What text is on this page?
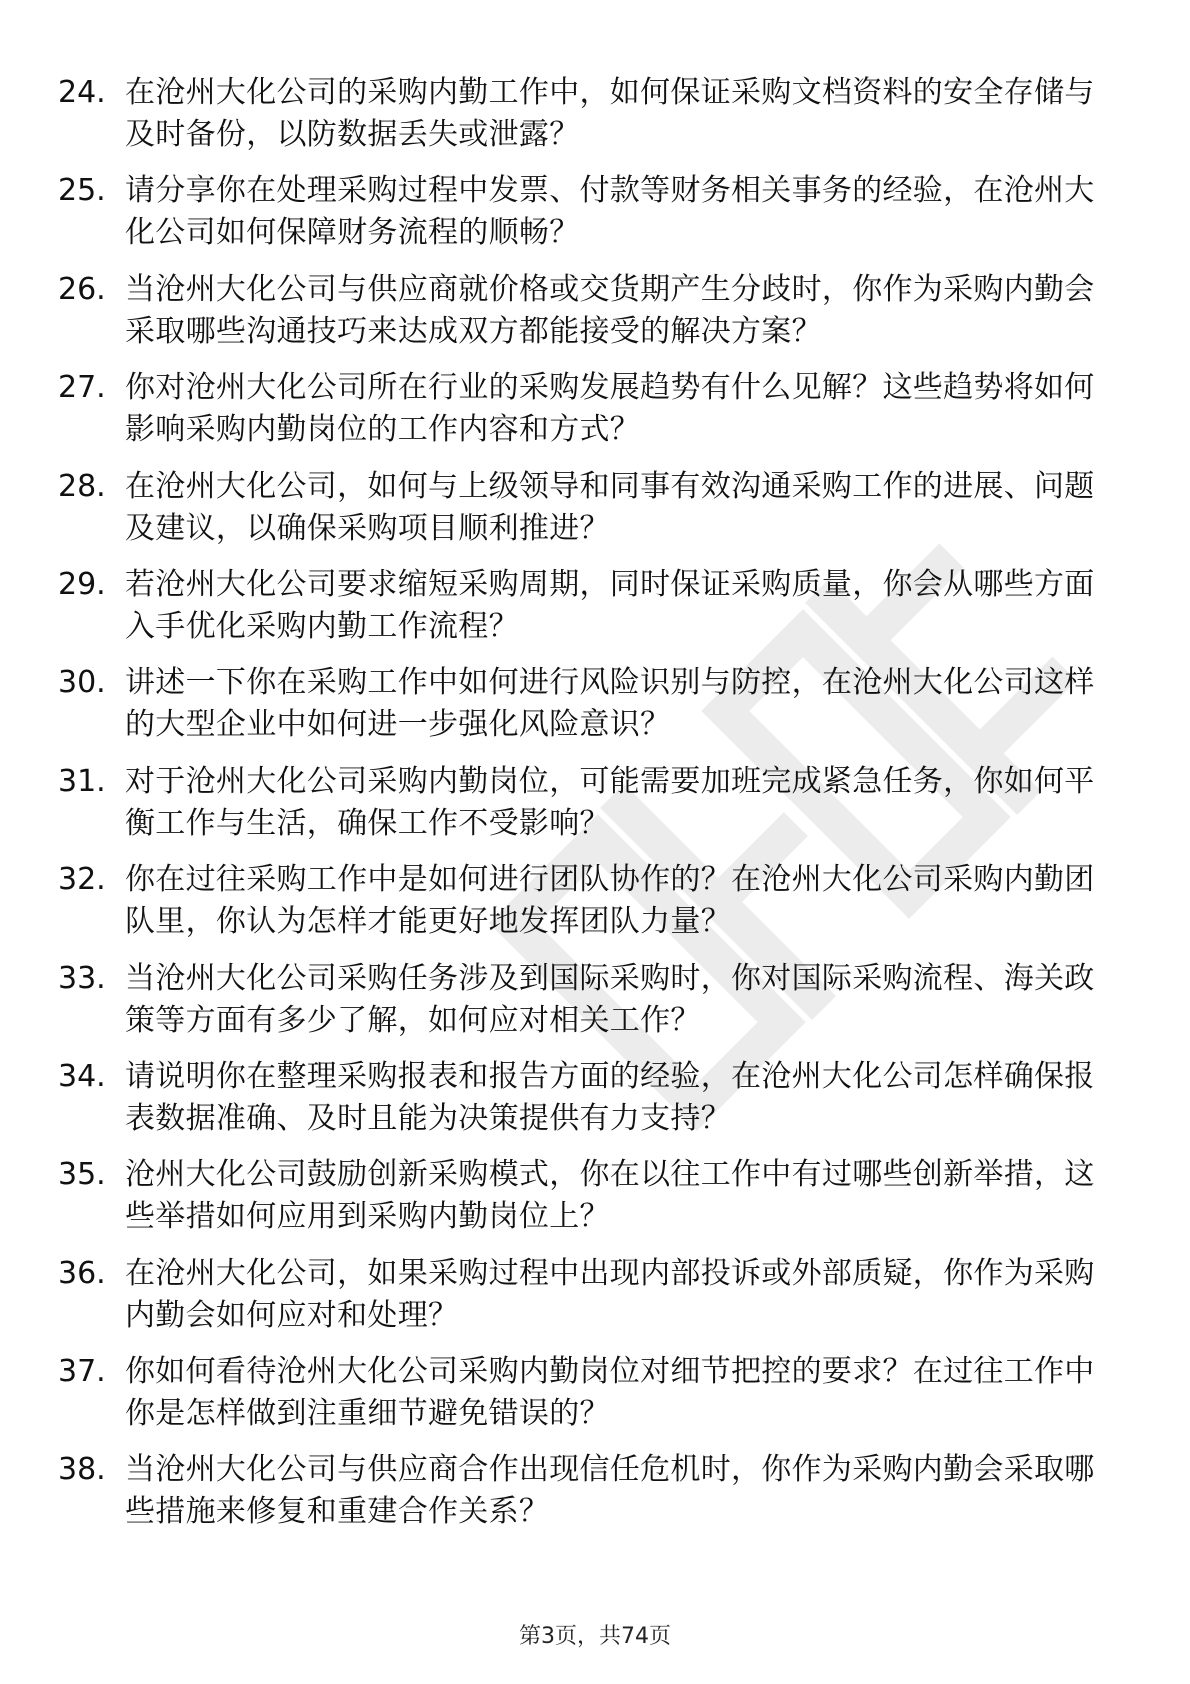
24. 在沧州大化公司的采购内勤工作中，如何保证采购文档资料的安全存储与及时备份，以防数据丢失或泄露？
25. 请分享你在处理采购过程中发票、付款等财务相关事务的经验，在沧州大化公司如何保障财务流程的顺畅？
26. 当沧州大化公司与供应商就价格或交货期产生分歧时，你作为采购内勤会采取哪些沟通技巧来达成双方都能接受的解决方案？
27. 你对沧州大化公司所在行业的采购发展趋势有什么见解？这些趋势将如何影响采购内勤岗位的工作内容和方式？
28. 在沧州大化公司，如何与上级领导和同事有效沟通采购工作的进展、问题及建议，以确保采购项目顺利推进？
29. 若沧州大化公司要求缩短采购周期，同时保证采购质量，你会从哪些方面入手优化采购内勤工作流程？
30. 讲述一下你在采购工作中如何进行风险识别与防控，在沧州大化公司这样的大型企业中如何进一步强化风险意识？
31. 对于沧州大化公司采购内勤岗位，可能需要加班完成紧急任务，你如何平衡工作与生活，确保工作不受影响？
32. 你在过往采购工作中是如何进行团队协作的？在沧州大化公司采购内勤团队里，你认为怎样才能更好地发挥团队力量？
33. 当沧州大化公司采购任务涉及到国际采购时，你对国际采购流程、海关政策等方面有多少了解，如何应对相关工作？
34. 请说明你在整理采购报表和报告方面的经验，在沧州大化公司怎样确保报表数据准确、及时且能为决策提供有力支持？
35. 沧州大化公司鼓励创新采购模式，你在以往工作中有过哪些创新举措，这些举措如何应用到采购内勤岗位上？
36. 在沧州大化公司，如果采购过程中出现内部投诉或外部质疑，你作为采购内勤会如何应对和处理？
37. 你如何看待沧州大化公司采购内勤岗位对细节把控的要求？在过往工作中你是怎样做到注重细节避免错误的？
38. 当沧州大化公司与供应商合作出现信任危机时，你作为采购内勤会采取哪些措施来修复和重建合作关系？
第3页，共74页
